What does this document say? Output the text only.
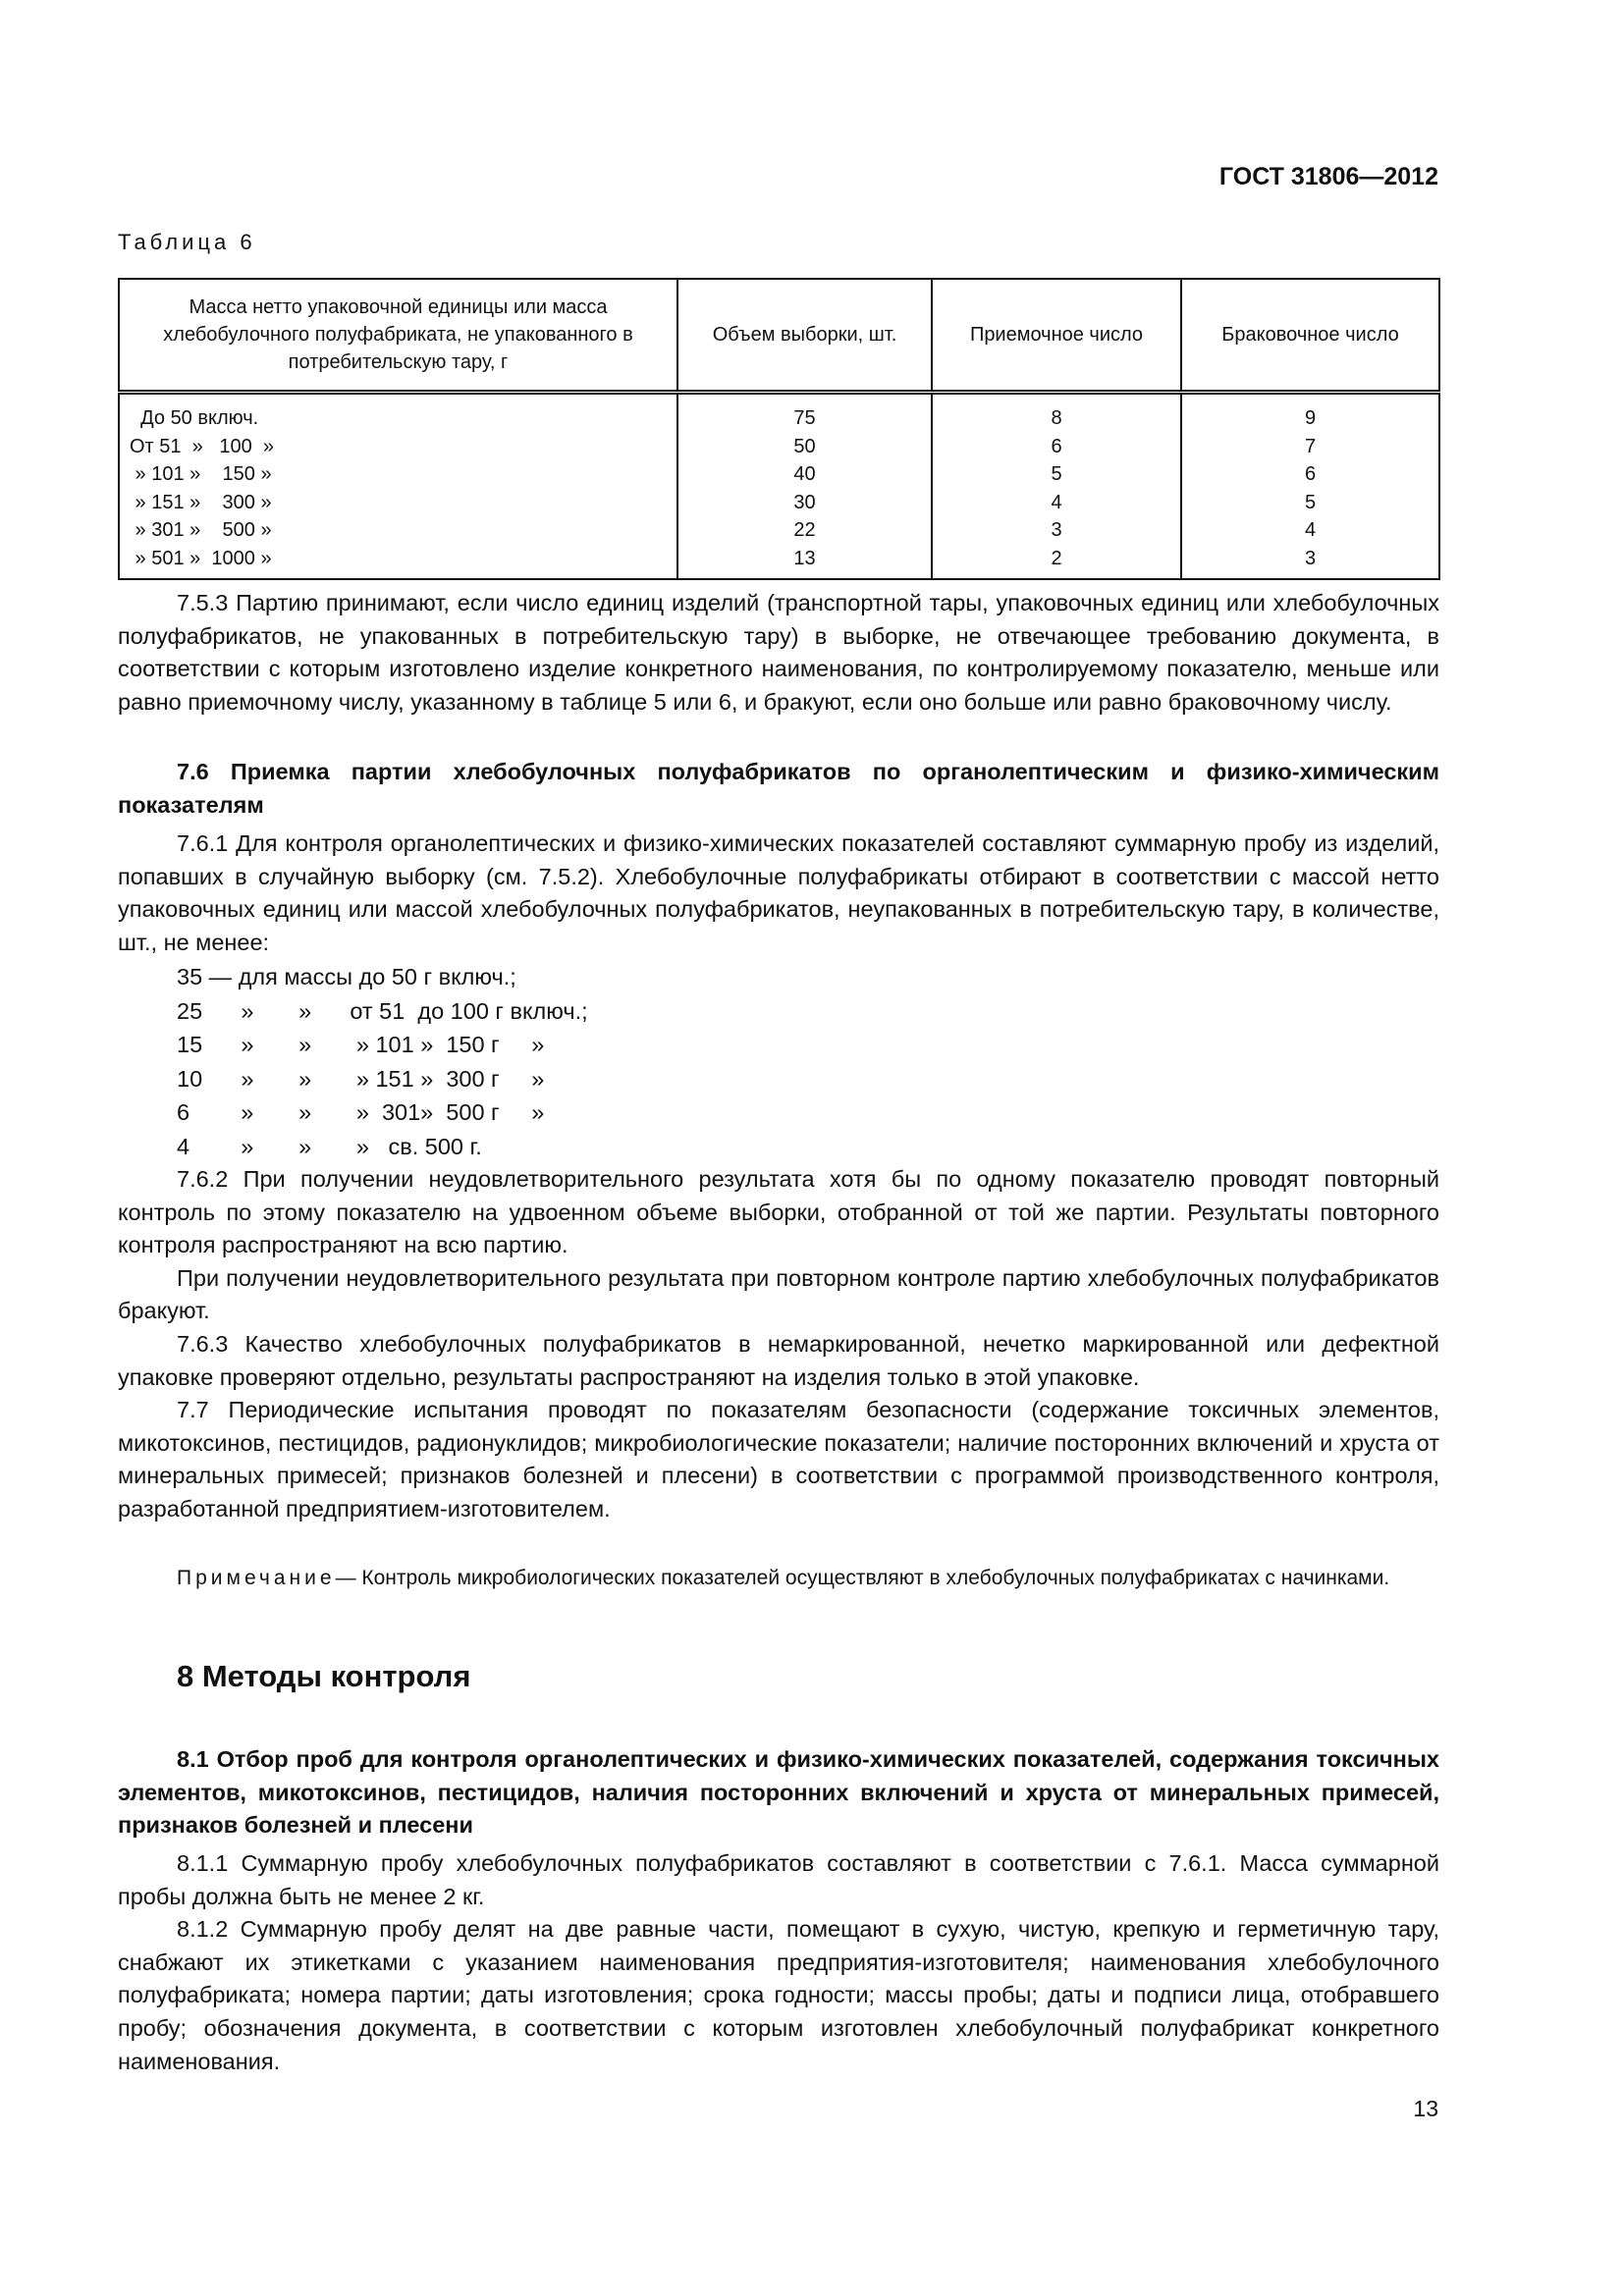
ГОСТ 31806—2012
Таблица 6
Масса нетто упаковочной единицы или масса хлебобулочного полуфабриката, не упакованного в потребительскую тару, г	Объем выборки, шт.	Приемочное число	Браковочное число
До 50 включ.	75	8	9
От 51  »   100  »	50	6	7
» 101 »    150 »	40	5	6
» 151 »    300 »	30	4	5
» 301 »    500 »	22	3	4
» 501 »  1000 »	13	2	3
7.5.3 Партию принимают, если число единиц изделий (транспортной тары, упаковочных единиц или хлебобулочных полуфабрикатов, не упакованных в потребительскую тару) в выборке, не отвечающее требованию документа, в соответствии с которым изготовлено изделие конкретного наименования, по контролируемому показателю, меньше или равно приемочному числу, указанному в таблице 5 или 6, и бракуют, если оно больше или равно браковочному числу.
7.6 Приемка партии хлебобулочных полуфабрикатов по органолептическим и физико-химическим показателям
7.6.1 Для контроля органолептических и физико-химических показателей составляют суммарную пробу из изделий, попавших в случайную выборку (см. 7.5.2). Хлебобулочные полуфабрикаты отбирают в соответствии с массой нетто упаковочных единиц или массой хлебобулочных полуфабрикатов, неупакованных в потребительскую тару, в количестве, шт., не менее:
35 — для массы до 50 г включ.;
25      »       »      от 51  до 100 г включ.;
15      »       »       » 101 »  150 г     »
10      »       »       » 151 »  300 г     »
6        »       »       »  301»  500 г     »
4        »       »       »   св. 500 г.
7.6.2 При получении неудовлетворительного результата хотя бы по одному показателю проводят повторный контроль по этому показателю на удвоенном объеме выборки, отобранной от той же партии. Результаты повторного контроля распространяют на всю партию.
При получении неудовлетворительного результата при повторном контроле партию хлебобулочных полуфабрикатов бракуют.
7.6.3 Качество хлебобулочных полуфабрикатов в немаркированной, нечетко маркированной или дефектной упаковке проверяют отдельно, результаты распространяют на изделия только в этой упаковке.
7.7 Периодические испытания проводят по показателям безопасности (содержание токсичных элементов, микотоксинов, пестицидов, радионуклидов; микробиологические показатели; наличие посторонних включений и хруста от минеральных примесей; признаков болезней и плесени) в соответствии с программой производственного контроля, разработанной предприятием-изготовителем.
Примечание— Контроль микробиологических показателей осуществляют в хлебобулочных полуфабрикатах с начинками.
8 Методы контроля
8.1 Отбор проб для контроля органолептических и физико-химических показателей, содержания токсичных элементов, микотоксинов, пестицидов, наличия посторонних включений и хруста от минеральных примесей, признаков болезней и плесени
8.1.1 Суммарную пробу хлебобулочных полуфабрикатов составляют в соответствии с 7.6.1. Масса суммарной пробы должна быть не менее 2 кг.
8.1.2 Суммарную пробу делят на две равные части, помещают в сухую, чистую, крепкую и герметичную тару, снабжают их этикетками с указанием наименования предприятия-изготовителя; наименования хлебобулочного полуфабриката; номера партии; даты изготовления; срока годности; массы пробы; даты и подписи лица, отобравшего пробу; обозначения документа, в соответствии с которым изготовлен хлебобулочный полуфабрикат конкретного наименования.
13
